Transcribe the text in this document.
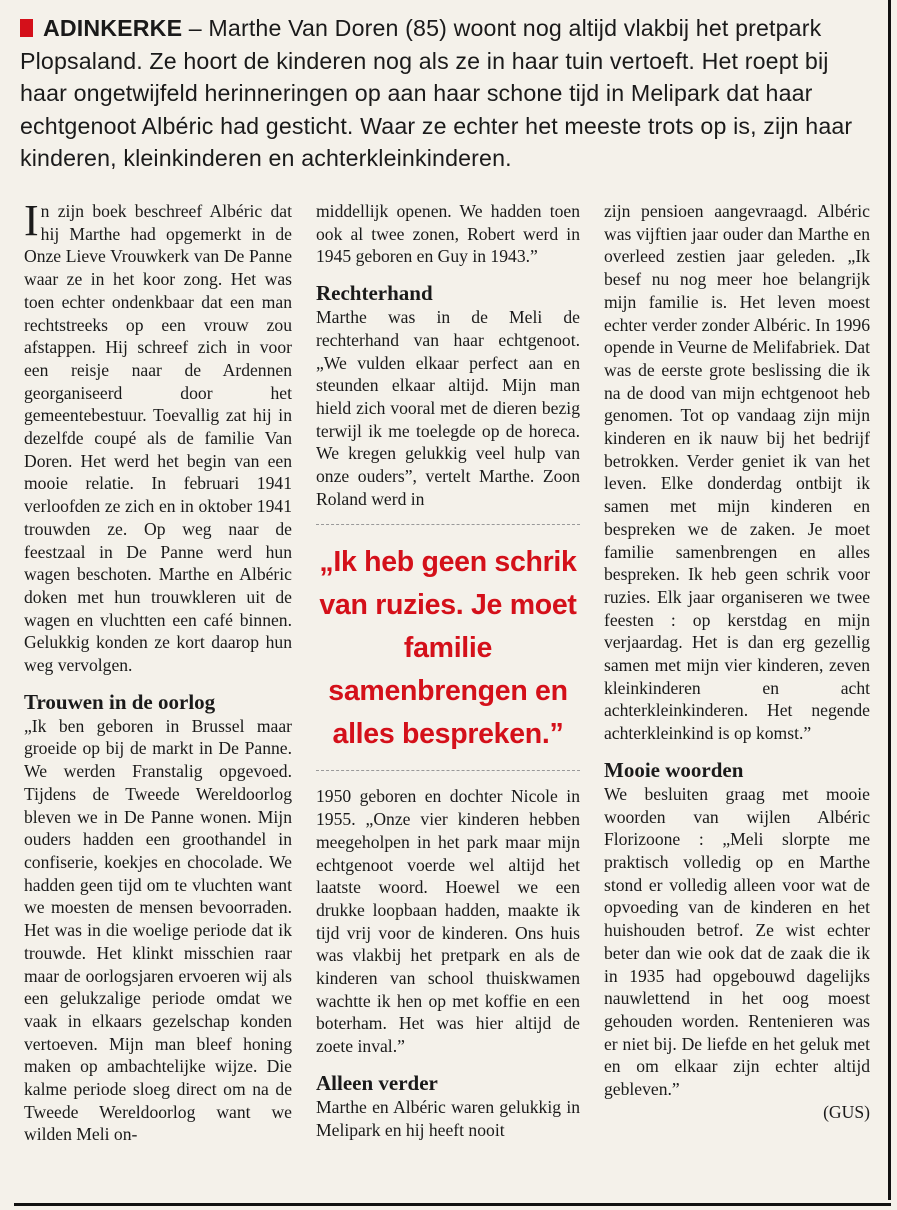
ADINKERKE – Marthe Van Doren (85) woont nog altijd vlakbij het pretpark Plopsaland. Ze hoort de kinderen nog als ze in haar tuin vertoeft. Het roept bij haar ongetwijfeld herinneringen op aan haar schone tijd in Melipark dat haar echtgenoot Albéric had gesticht. Waar ze echter het meeste trots op is, zijn haar kinderen, kleinkinderen en achterkleinkinderen.

In zijn boek beschreef Albéric dat hij Marthe had opgemerkt in de Onze Lieve Vrouwkerk van De Panne waar ze in het koor zong. Het was toen echter ondenkbaar dat een man rechtstreeks op een vrouw zou afstappen. Hij schreef zich in voor een reisje naar de Ardennen georganiseerd door het gemeentebestuur. Toevallig zat hij in dezelfde coupé als de familie Van Doren. Het werd het begin van een mooie relatie. In februari 1941 verloofden ze zich en in oktober 1941 trouwden ze. Op weg naar de feestzaal in De Panne werd hun wagen beschoten. Marthe en Albéric doken met hun trouwkleren uit de wagen en vluchtten een café binnen. Gelukkig konden ze kort daarop hun weg vervolgen.

Trouwen in de oorlog

„Ik ben geboren in Brussel maar groeide op bij de markt in De Panne. We werden Franstalig opgevoed. Tijdens de Tweede Wereldoorlog bleven we in De Panne wonen. Mijn ouders hadden een groothandel in confiserie, koekjes en chocolade. We hadden geen tijd om te vluchten want we moesten de mensen bevoorraden. Het was in die woelige periode dat ik trouwde. Het klinkt misschien raar maar de oorlogsjaren ervoeren wij als een gelukzalige periode omdat we vaak in elkaars gezelschap konden vertoeven. Mijn man bleef honing maken op ambachtelijke wijze. Die kalme periode sloeg direct om na de Tweede Wereldoorlog want we wilden Meli on-

middellijk openen. We hadden toen ook al twee zonen, Robert werd in 1945 geboren en Guy in 1943.”

Rechterhand

Marthe was in de Meli de rechterhand van haar echtgenoot. „We vulden elkaar perfect aan en steunden elkaar altijd. Mijn man hield zich vooral met de dieren bezig terwijl ik me toelegde op de horeca. We kregen gelukkig veel hulp van onze ouders”, vertelt Marthe. Zoon Roland werd in

„Ik heb geen schrik van ruzies. Je moet familie samenbrengen en alles bespreken.”

1950 geboren en dochter Nicole in 1955. „Onze vier kinderen hebben meegeholpen in het park maar mijn echtgenoot voerde wel altijd het laatste woord. Hoewel we een drukke loopbaan hadden, maakte ik tijd vrij voor de kinderen. Ons huis was vlakbij het pretpark en als de kinderen van school thuiskwamen wachtte ik hen op met koffie en een boterham. Het was hier altijd de zoete inval.”

Alleen verder

Marthe en Albéric waren gelukkig in Melipark en hij heeft nooit

zijn pensioen aangevraagd. Albéric was vijftien jaar ouder dan Marthe en overleed zestien jaar geleden. „Ik besef nu nog meer hoe belangrijk mijn familie is. Het leven moest echter verder zonder Albéric. In 1996 opende in Veurne de Melifabriek. Dat was de eerste grote beslissing die ik na de dood van mijn echtgenoot heb genomen. Tot op vandaag zijn mijn kinderen en ik nauw bij het bedrijf betrokken. Verder geniet ik van het leven. Elke donderdag ontbijt ik samen met mijn kinderen en bespreken we de zaken. Je moet familie samenbrengen en alles bespreken. Ik heb geen schrik voor ruzies. Elk jaar organiseren we twee feesten : op kerstdag en mijn verjaardag. Het is dan erg gezellig samen met mijn vier kinderen, zeven kleinkinderen en acht achterkleinkinderen. Het negende achterkleinkind is op komst.”

Mooie woorden

We besluiten graag met mooie woorden van wijlen Albéric Florizoone : „Meli slorpte me praktisch volledig op en Marthe stond er volledig alleen voor wat de opvoeding van de kinderen en het huishouden betrof. Ze wist echter beter dan wie ook dat de zaak die ik in 1935 had opgebouwd dagelijks nauwlettend in het oog moest gehouden worden. Rentenieren was er niet bij. De liefde en het geluk met en om elkaar zijn echter altijd gebleven.”

(GUS)
